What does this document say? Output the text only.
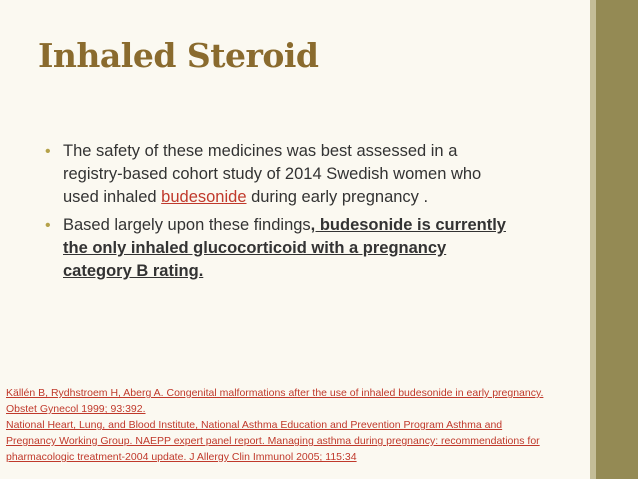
Inhaled Steroid
• The safety of these medicines was best assessed in a registry-based cohort study of 2014 Swedish women who used inhaled budesonide during early pregnancy .
• Based largely upon these findings, budesonide is currently the only inhaled glucocorticoid with a pregnancy category B rating.
Källén B, Rydhstroem H, Aberg A. Congenital malformations after the use of inhaled budesonide in early pregnancy.
Obstet Gynecol 1999; 93:392.
National Heart, Lung, and Blood Institute, National Asthma Education and Prevention Program Asthma and
Pregnancy Working Group. NAEPP expert panel report. Managing asthma during pregnancy: recommendations for
pharmacologic treatment-2004 update. J Allergy Clin Immunol 2005; 115:34
